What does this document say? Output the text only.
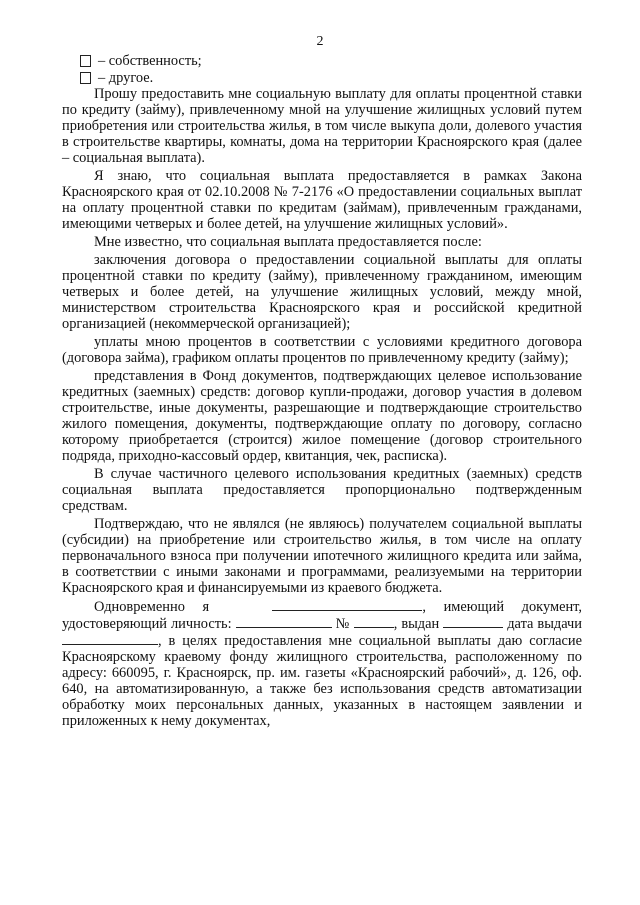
2
– собственность;
– другое.

Прошу предоставить мне социальную выплату для оплаты процентной ставки по кредиту (займу), привлеченному мной на улучшение жилищных условий путем приобретения или строительства жилья, в том числе выкупа доли, долевого участия в строительстве квартиры, комнаты, дома на территории Красноярского края (далее – социальная выплата).

Я знаю, что социальная выплата предоставляется в рамках Закона Красноярского края от 02.10.2008 № 7-2176 «О предоставлении социальных выплат на оплату процентной ставки по кредитам (займам), привлеченным гражданами, имеющими четверых и более детей, на улучшение жилищных условий».

Мне известно, что социальная выплата предоставляется после:

заключения договора о предоставлении социальной выплаты для оплаты процентной ставки по кредиту (займу), привлеченному гражданином, имеющим четверых и более детей, на улучшение жилищных условий, между мной, министерством строительства Красноярского края и российской кредитной организацией (некоммерческой организацией);

уплаты мною процентов в соответствии с условиями кредитного договора (договора займа), графиком оплаты процентов по привлеченному кредиту (займу);

представления в Фонд документов, подтверждающих целевое использование кредитных (заемных) средств: договор купли-продажи, договор участия в долевом строительстве, иные документы, разрешающие и подтверждающие строительство жилого помещения, документы, подтверждающие оплату по договору, согласно которому приобретается (строится) жилое помещение (договор строительного подряда, приходно-кассовый ордер, квитанция, чек, расписка).

В случае частичного целевого использования кредитных (заемных) средств социальная выплата предоставляется пропорционально подтвержденным средствам.

Подтверждаю, что не являлся (не являюсь) получателем социальной выплаты (субсидии) на приобретение или строительство жилья, в том числе на оплату первоначального взноса при получении ипотечного жилищного кредита или займа, в соответствии с иными законами и программами, реализуемыми на территории Красноярского края и финансируемыми из краевого бюджета.

Одновременно я	, имеющий документ, удостоверяющий личность:	№	, выдан	дата выдачи , в целях предоставления мне социальной выплаты даю согласие Красноярскому краевому фонду жилищного строительства, расположенному по адресу: 660095, г. Красноярск, пр. им. газеты «Красноярский рабочий», д. 126, оф. 640, на автоматизированную, а также без использования средств автоматизации обработку моих персональных данных, указанных в настоящем заявлении и приложенных к нему документах,
